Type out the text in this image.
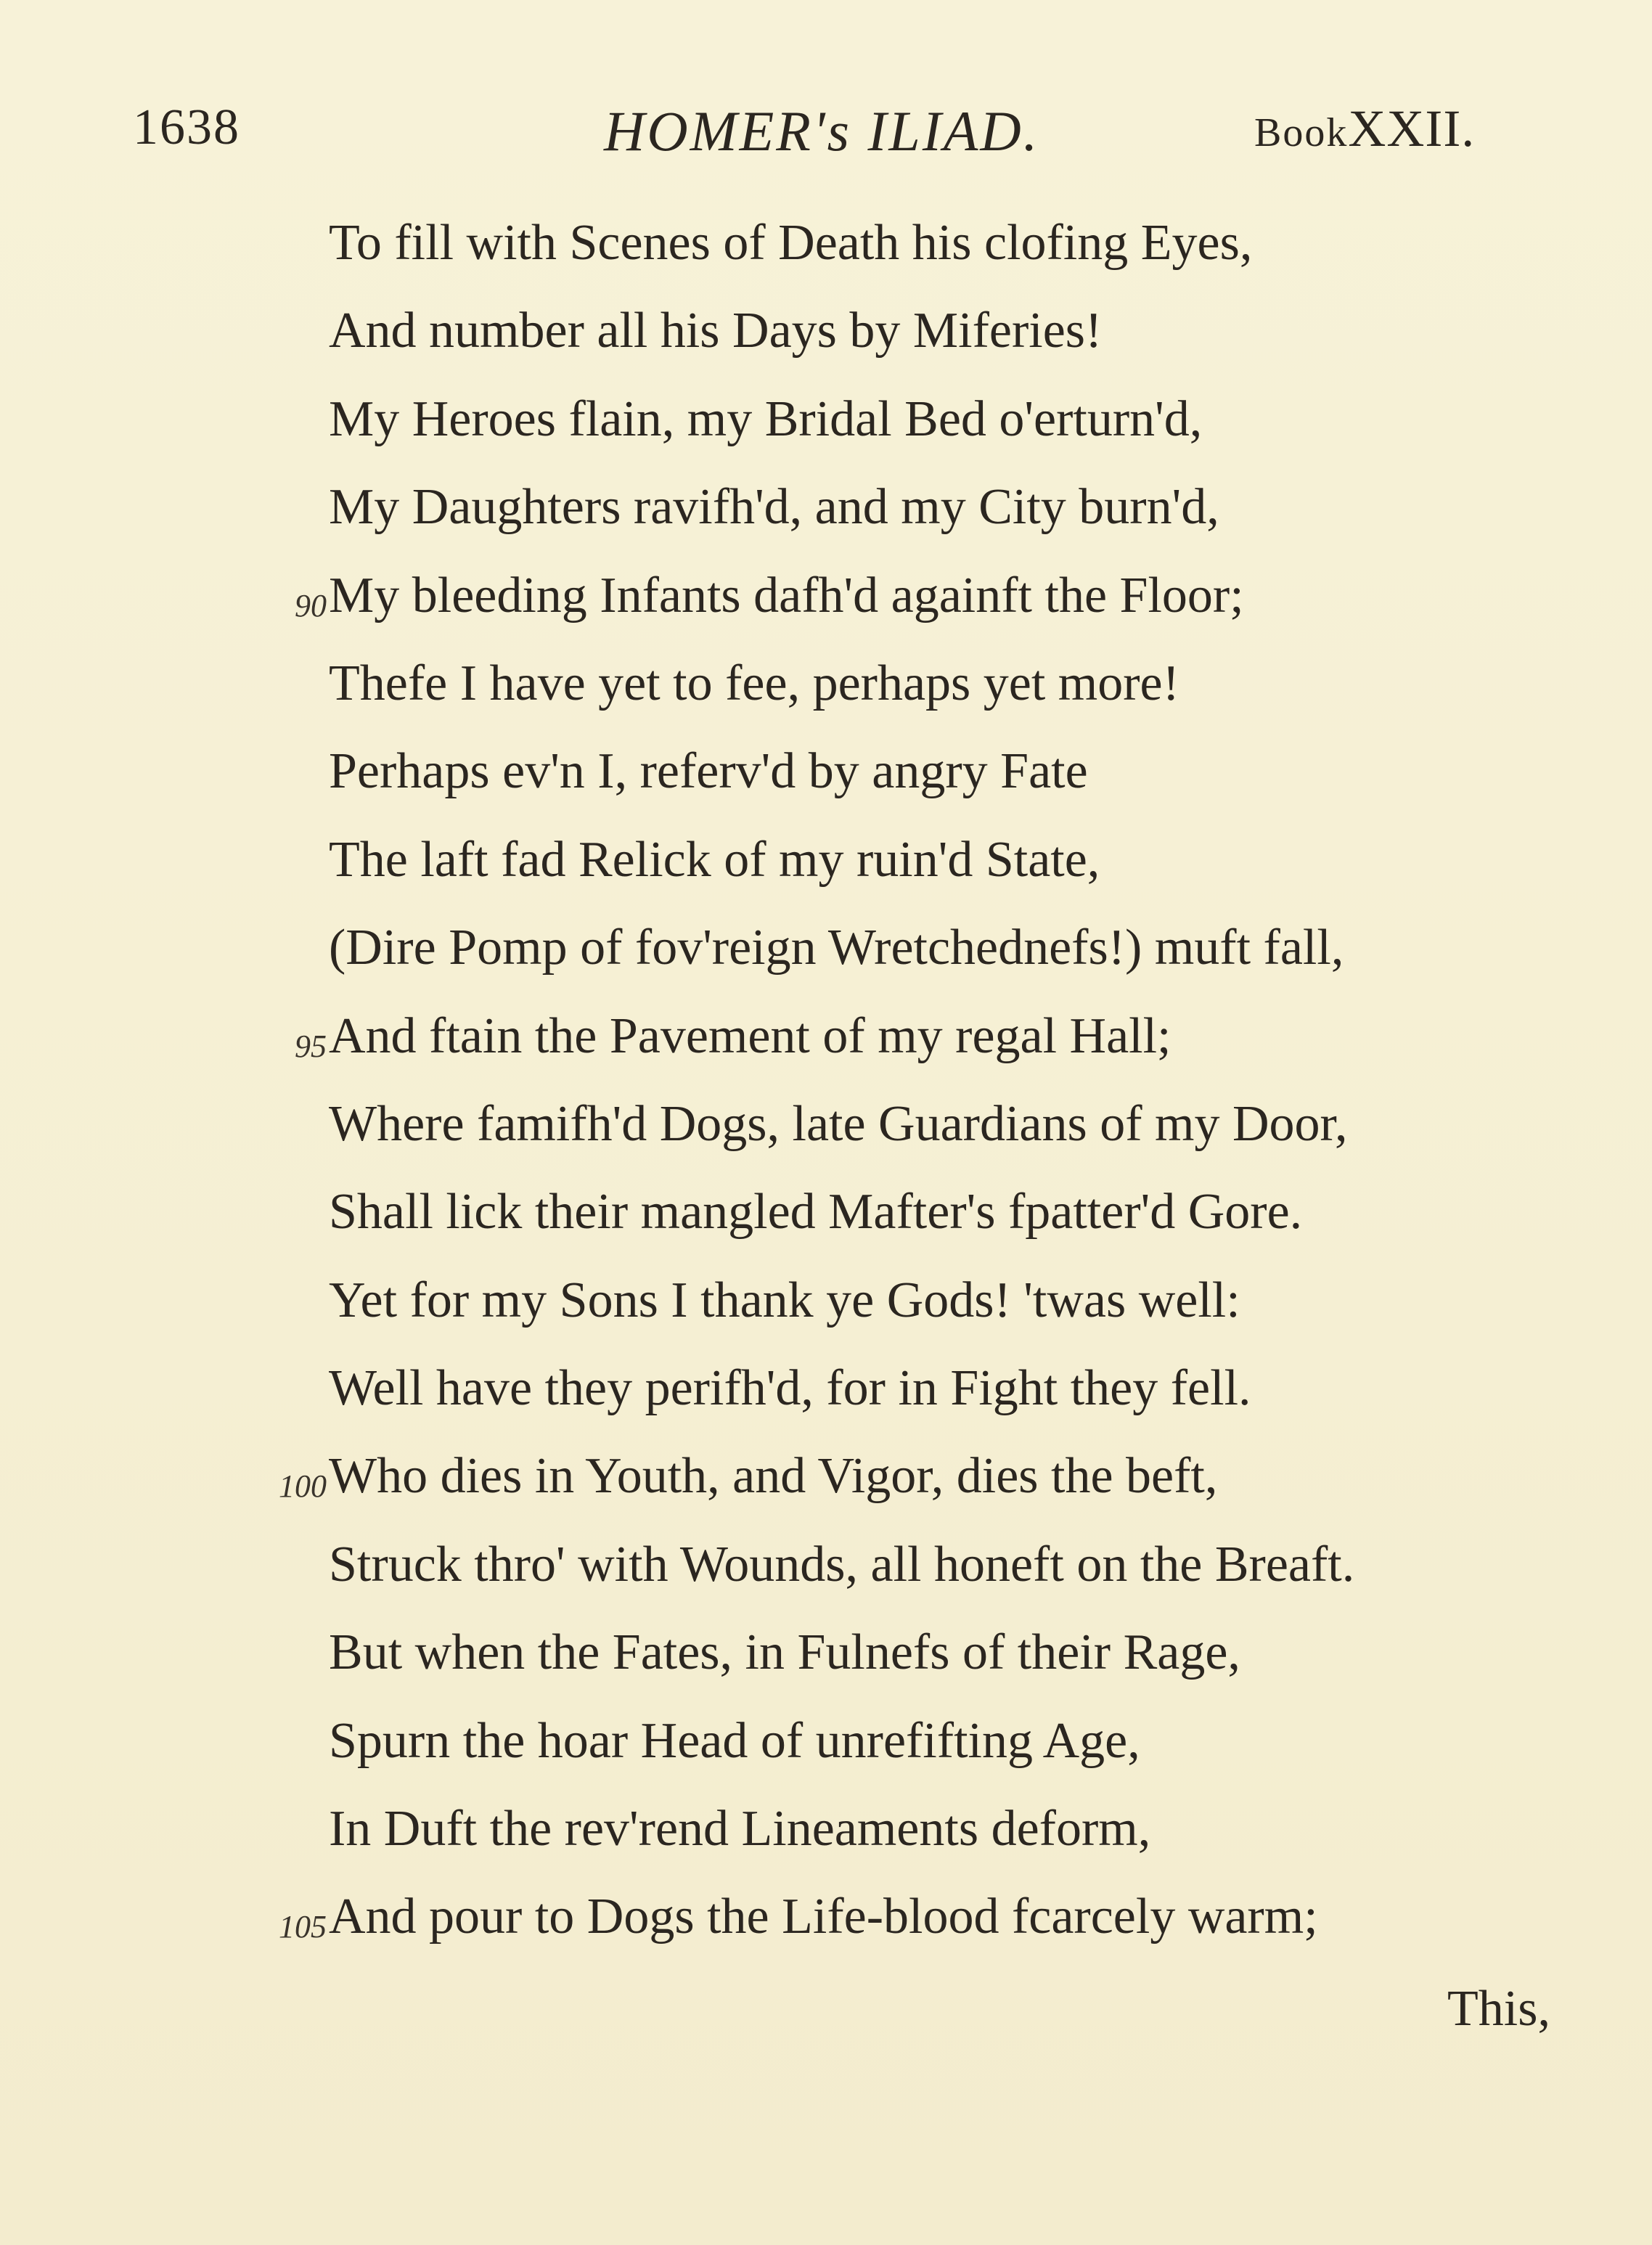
1638	HOMER's ILIAD.	BookXXII.
To fill with Scenes of Death his clofing Eyes,
And number all his Days by Miferies!
My Heroes flain, my Bridal Bed o'erturn'd,
My Daughters ravifh'd, and my City burn'd,
90 My bleeding Infants dafh'd againft the Floor;
Thefe I have yet to fee, perhaps yet more!
Perhaps ev'n I, referv'd by angry Fate
The laft fad Relick of my ruin'd State,
(Dire Pomp of fov'reign Wretchednefs!) muft fall,
95 And ftain the Pavement of my regal Hall;
Where famifh'd Dogs, late Guardians of my Door,
Shall lick their mangled Mafter's fpatter'd Gore.
Yet for my Sons I thank ye Gods! 'twas well:
Well have they perifh'd, for in Fight they fell.
100 Who dies in Youth, and Vigor, dies the beft,
Struck thro' with Wounds, all honeft on the Breaft.
But when the Fates, in Fulnefs of their Rage,
Spurn the hoar Head of unrefifting Age,
In Duft the rev'rend Lineaments deform,
105 And pour to Dogs the Life-blood fcarcely warm;
This,
